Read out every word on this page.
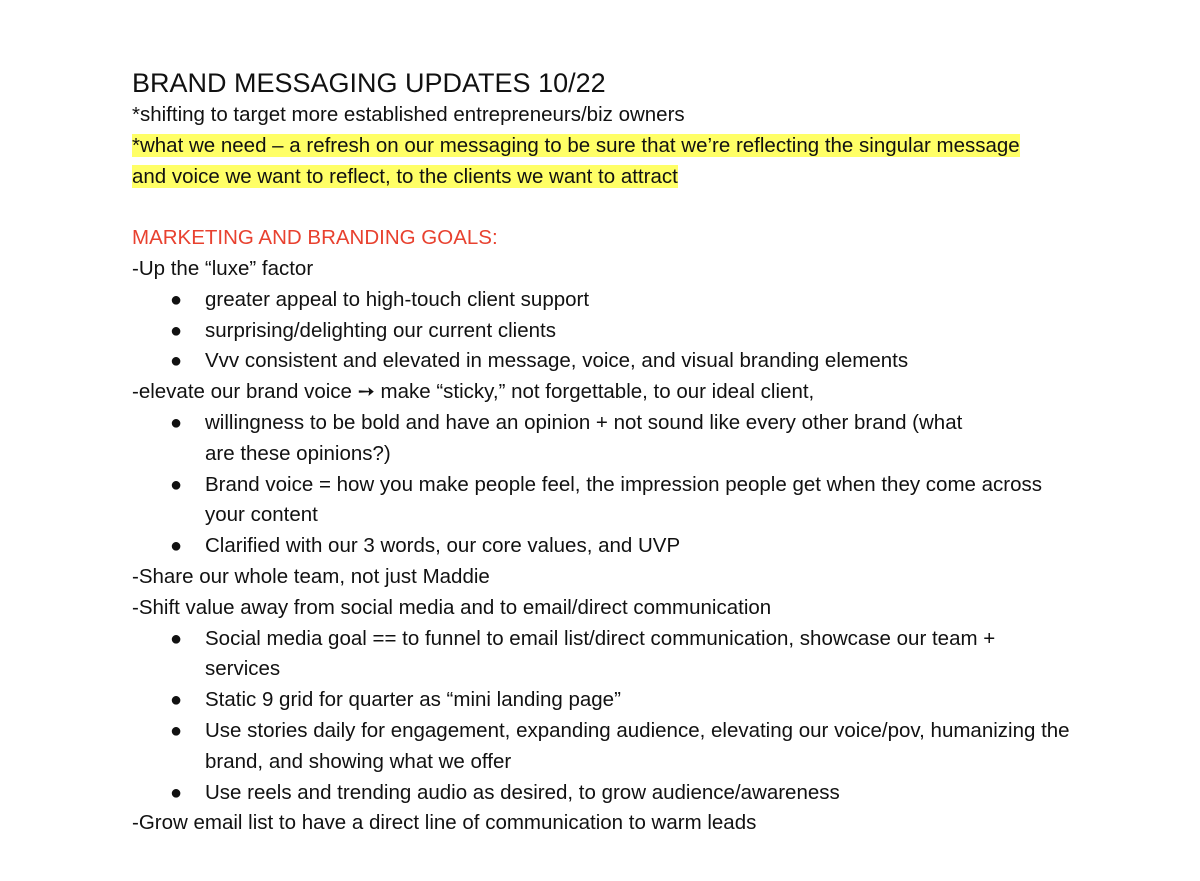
BRAND MESSAGING UPDATES 10/22
*shifting to target more established entrepreneurs/biz owners
*what we need – a refresh on our messaging to be sure that we’re reflecting the singular message
and voice we want to reflect, to the clients we want to attract
MARKETING AND BRANDING GOALS:
-Up the “luxe” factor
● greater appeal to high-touch client support
● surprising/delighting our current clients
● Vvv consistent and elevated in message, voice, and visual branding elements
-elevate our brand voice ➙ make “sticky,” not forgettable, to our ideal client,
● willingness to be bold and have an opinion + not sound like every other brand (what are these opinions?)
● Brand voice = how you make people feel, the impression people get when they come across your content
● Clarified with our 3 words, our core values, and UVP
-Share our whole team, not just Maddie
-Shift value away from social media and to email/direct communication
● Social media goal == to funnel to email list/direct communication, showcase our team + services
● Static 9 grid for quarter as “mini landing page”
● Use stories daily for engagement, expanding audience, elevating our voice/pov, humanizing the brand, and showing what we offer
● Use reels and trending audio as desired, to grow audience/awareness
-Grow email list to have a direct line of communication to warm leads
